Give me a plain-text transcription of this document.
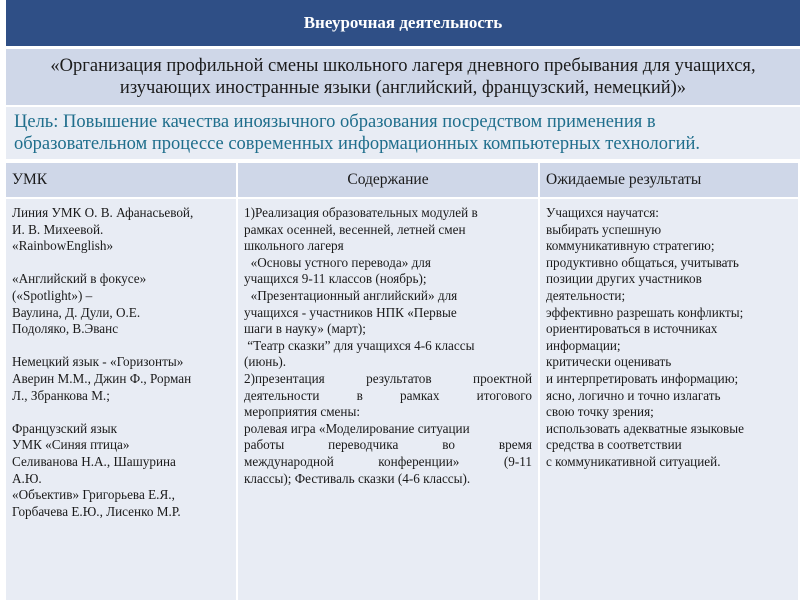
Внеурочная деятельность
«Организация профильной смены школьного лагеря дневного пребывания для учащихся,
изучающих иностранные языки (английский, французский, немецкий)»
Цель: Повышение качества иноязычного образования посредством применения в
образовательном процессе современных информационных компьютерных технологий.
УМК	Содержание	Ожидаемые результаты
Линия УМК О. В. Афанасьевой,
И. В. Михеевой.
«RainbowEnglish»
«Английский в фокусе»
(«Spotlight») –
Ваулина, Д. Дули, О.Е.
Подоляко, В.Эванс
Немецкий язык - «Горизонты»
Аверин М.М., Джин Ф., Рорман
Л., Збранкова М.;
Французский язык
УМК «Синяя птица»
Селиванова Н.А., Шашурина
А.Ю.
«Объектив» Григорьева Е.Я.,
Горбачева Е.Ю., Лисенко М.Р.
1)Реализация образовательных модулей в
рамках осенней, весенней, летней смен
школьного лагеря
«Основы устного перевода» для
учащихся 9-11 классов (ноябрь);
«Презентационный английский» для
учащихся - участников НПК «Первые
шаги в науку» (март);
“Театр сказки” для учащихся 4-6 классы
(июнь).
2)презентация результатов проектной
деятельности в рамках итогового
мероприятия смены:
ролевая игра «Моделирование ситуации
работы переводчика во время
международной конференции» (9-11
классы); Фестиваль сказки (4-6 классы).
Учащихся научатся:
выбирать успешную
коммуникативную стратегию;
продуктивно общаться, учитывать
позиции других участников
деятельности;
эффективно разрешать конфликты;
ориентироваться в источниках
информации;
критически оценивать
и интерпретировать информацию;
ясно, логично и точно излагать
свою точку зрения;
использовать адекватные языковые
средства в соответствии
с коммуникативной ситуацией.
